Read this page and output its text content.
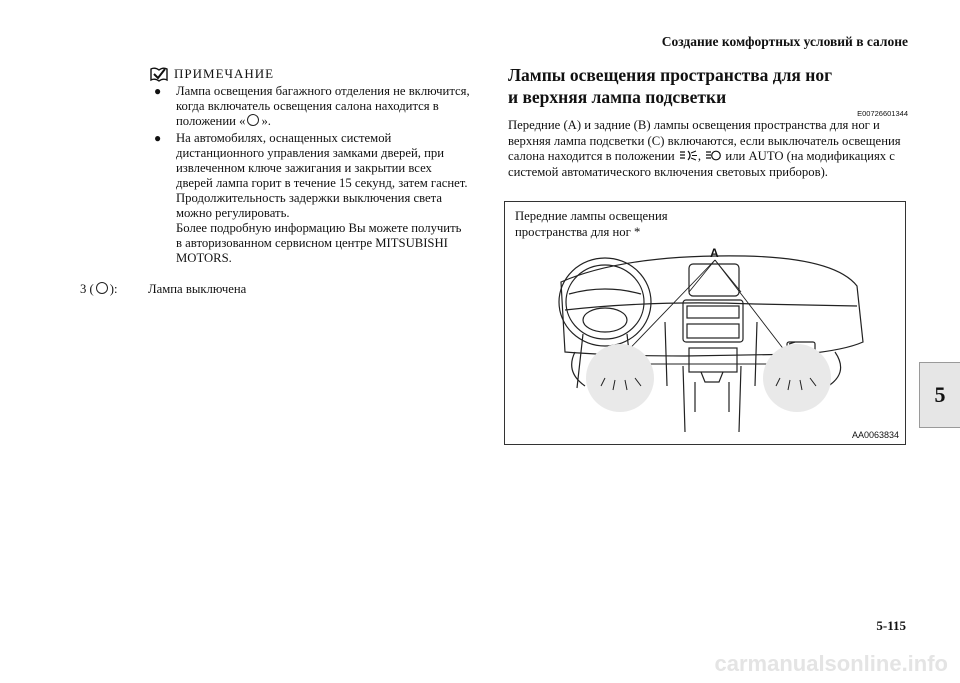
Создание комфортных условий в салоне
5
ПРИМЕЧАНИЕ
●	Лампа освещения багажного отделения не включится, когда включатель освещения салона находится в положении « ».
●	На автомобилях, оснащенных системой дистанционного управления замками дверей, при извлеченном ключе зажигания и закрытии всех дверей лампа горит в течение 15 секунд, затем гаснет.
Продолжительность задержки выключения света можно регулировать.
Более подробную информацию Вы можете получить в авторизованном сервисном центре MITSUBISHI MOTORS.
3 ( ):	Лампа выключена
Лампы освещения пространства для ног
и верхняя лампа подсветки
E00726601344
Передние (А) и задние (В) лампы освещения пространства для ног и верхняя лампа подсветки (С) включаются, если выключатель освещения салона находится в положении , или AUTO (на модификациях с системой автоматического включения световых приборов).
Передние лампы освещения пространства для ног *
A
AA0063834
5-115
carmanualsonline.info
